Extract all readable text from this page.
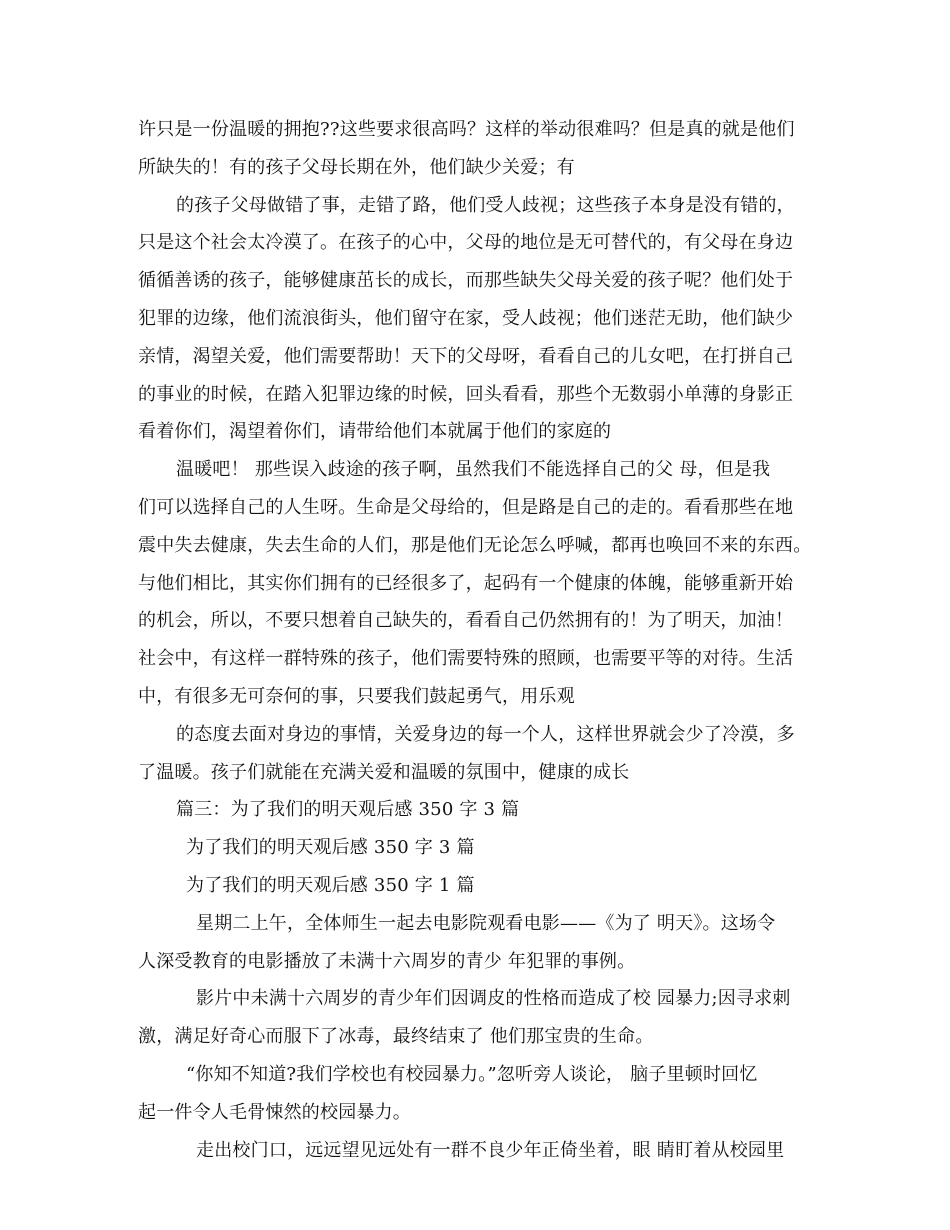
许只是一份温暖的拥抱??这些要求很高吗？这样的举动很难吗？但是真的就是他们
所缺失的！有的孩子父母长期在外，他们缺少关爱；有
的孩子父母做错了事，走错了路，他们受人歧视；这些孩子本身是没有错的，
只是这个社会太冷漠了。在孩子的心中，父母的地位是无可替代的，有父母在身边
循循善诱的孩子，能够健康茁长的成长，而那些缺失父母关爱的孩子呢？他们处于
犯罪的边缘，他们流浪街头，他们留守在家，受人歧视；他们迷茫无助，他们缺少
亲情，渴望关爱，他们需要帮助！天下的父母呀，看看自己的儿女吧，在打拼自己
的事业的时候，在踏入犯罪边缘的时候，回头看看，那些个无数弱小单薄的身影正
看着你们，渴望着你们，请带给他们本就属于他们的家庭的
温暖吧！ 那些误入歧途的孩子啊，虽然我们不能选择自己的父 母，但是我
们可以选择自己的人生呀。生命是父母给的，但是路是自己的走的。看看那些在地
震中失去健康，失去生命的人们，那是他们无论怎么呼喊，都再也唤回不来的东西。
与他们相比，其实你们拥有的已经很多了，起码有一个健康的体魄，能够重新开始
的机会，所以，不要只想着自己缺失的，看看自己仍然拥有的！为了明天，加油！
社会中，有这样一群特殊的孩子，他们需要特殊的照顾，也需要平等的对待。生活
中，有很多无可奈何的事，只要我们鼓起勇气，用乐观
的态度去面对身边的事情，关爱身边的每一个人，这样世界就会少了冷漠，多
了温暖。孩子们就能在充满关爱和温暖的氛围中，健康的成长
篇三：为了我们的明天观后感 350 字 3 篇
为了我们的明天观后感 350 字 3 篇
为了我们的明天观后感 350 字 1 篇
星期二上午，全体师生一起去电影院观看电影——《为了 明天》。这场令
人深受教育的电影播放了未满十六周岁的青少 年犯罪的事例。
影片中未满十六周岁的青少年们因调皮的性格而造成了校 园暴力;因寻求刺
激，满足好奇心而服下了冰毒，最终结束了 他们那宝贵的生命。
“你知不知道?我们学校也有校园暴力。”忽听旁人谈论， 脑子里顿时回忆
起一件令人毛骨悚然的校园暴力。
走出校门口，远远望见远处有一群不良少年正倚坐着，眼 睛盯着从校园里
